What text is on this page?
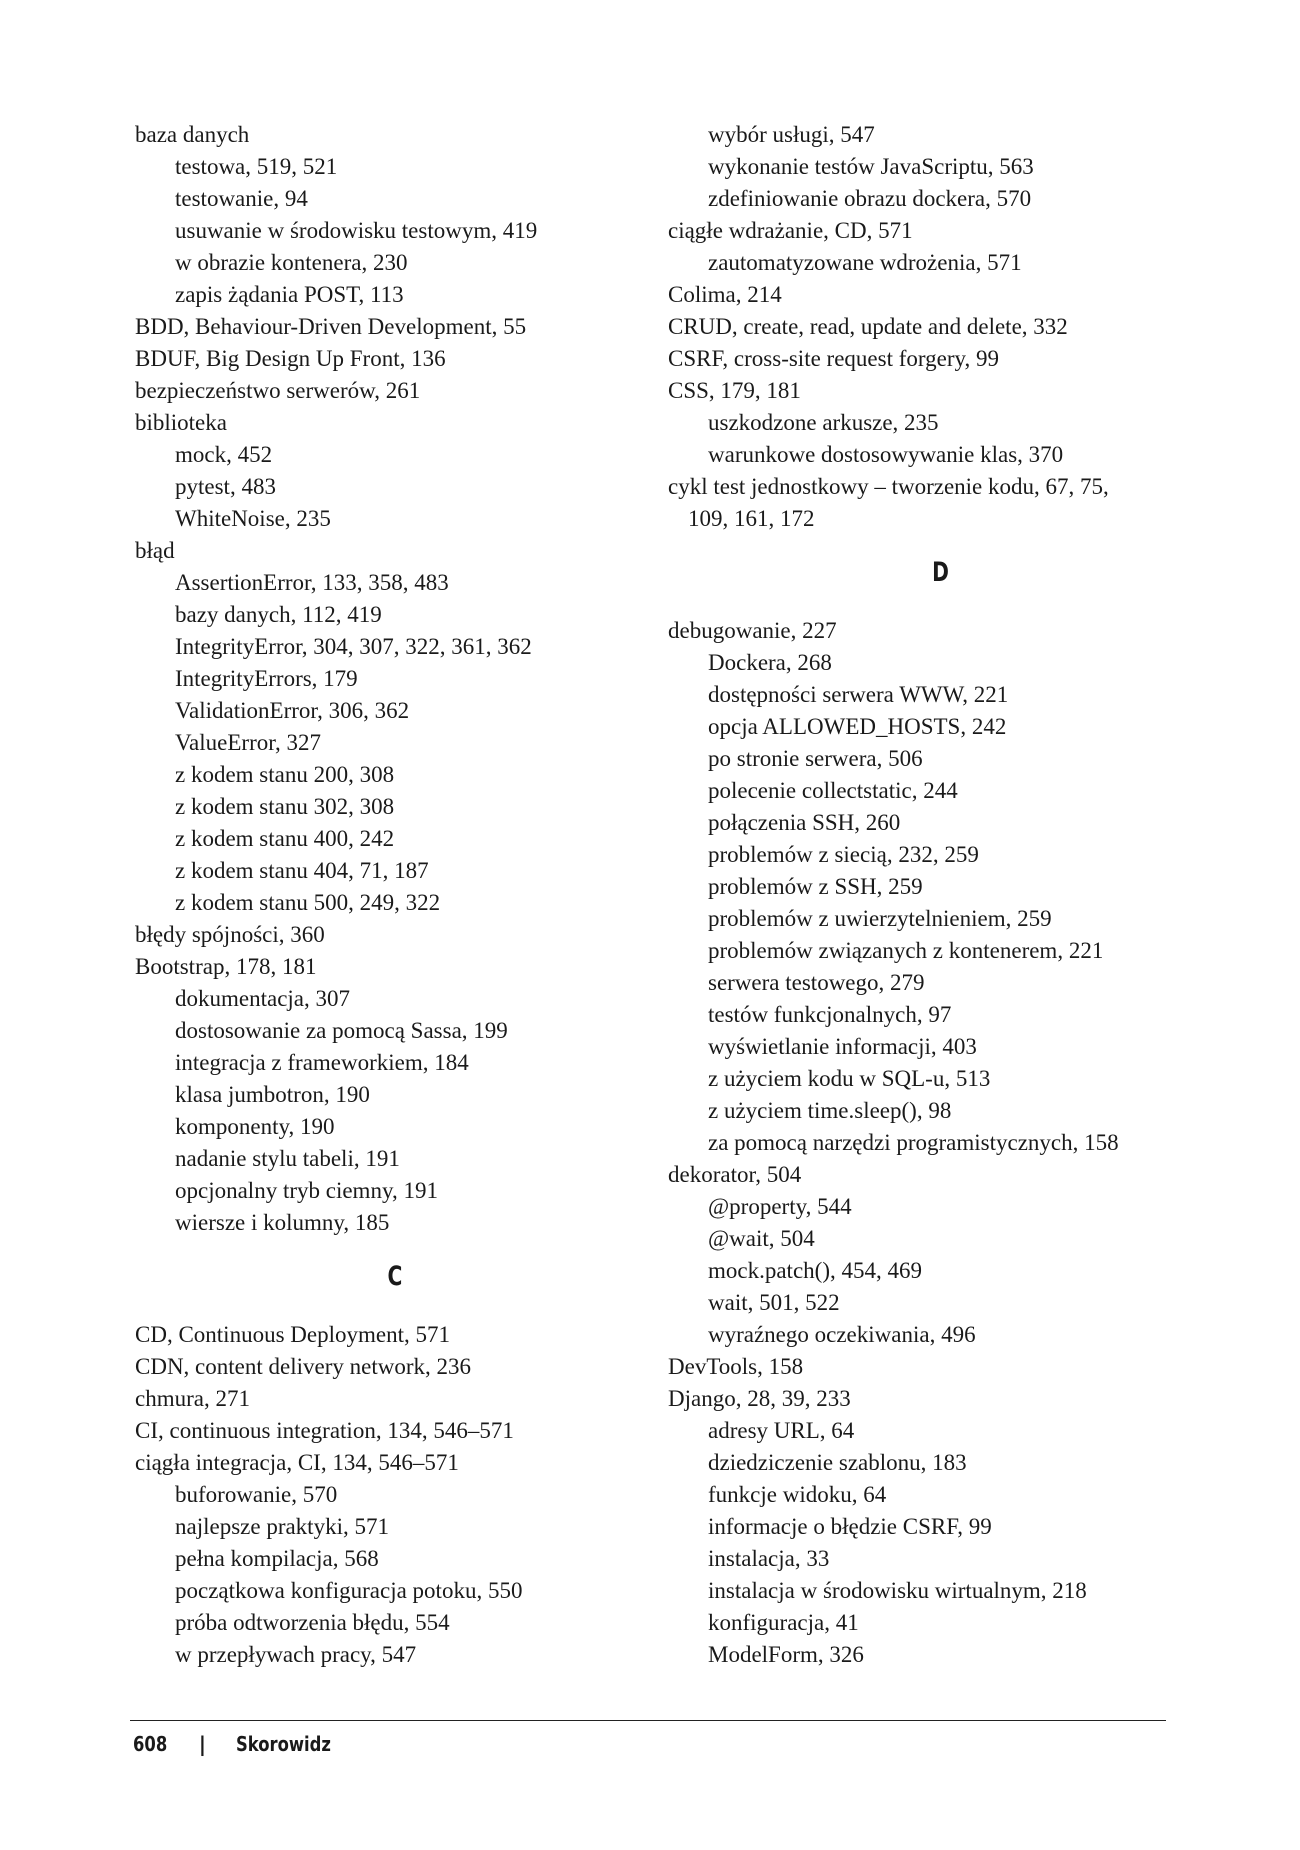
baza danych
testowa, 519, 521
testowanie, 94
usuwanie w środowisku testowym, 419
w obrazie kontenera, 230
zapis żądania POST, 113
BDD, Behaviour-Driven Development, 55
BDUF, Big Design Up Front, 136
bezpieczeństwo serwerów, 261
biblioteka
mock, 452
pytest, 483
WhiteNoise, 235
błąd
AssertionError, 133, 358, 483
bazy danych, 112, 419
IntegrityError, 304, 307, 322, 361, 362
IntegrityErrors, 179
ValidationError, 306, 362
ValueError, 327
z kodem stanu 200, 308
z kodem stanu 302, 308
z kodem stanu 400, 242
z kodem stanu 404, 71, 187
z kodem stanu 500, 249, 322
błędy spójności, 360
Bootstrap, 178, 181
dokumentacja, 307
dostosowanie za pomocą Sassa, 199
integracja z frameworkiem, 184
klasa jumbotron, 190
komponenty, 190
nadanie stylu tabeli, 191
opcjonalny tryb ciemny, 191
wiersze i kolumny, 185
C
CD, Continuous Deployment, 571
CDN, content delivery network, 236
chmura, 271
CI, continuous integration, 134, 546–571
ciągła integracja, CI, 134, 546–571
buforowanie, 570
najlepsze praktyki, 571
pełna kompilacja, 568
początkowa konfiguracja potoku, 550
próba odtworzenia błędu, 554
w przepływach pracy, 547
wybór usługi, 547
wykonanie testów JavaScriptu, 563
zdefiniowanie obrazu dockera, 570
ciągłe wdrażanie, CD, 571
zautomatyzowane wdrożenia, 571
Colima, 214
CRUD, create, read, update and delete, 332
CSRF, cross-site request forgery, 99
CSS, 179, 181
uszkodzone arkusze, 235
warunkowe dostosowywanie klas, 370
cykl test jednostkowy – tworzenie kodu, 67, 75,
109, 161, 172
D
debugowanie, 227
Dockera, 268
dostępności serwera WWW, 221
opcja ALLOWED_HOSTS, 242
po stronie serwera, 506
polecenie collectstatic, 244
połączenia SSH, 260
problemów z siecią, 232, 259
problemów z SSH, 259
problemów z uwierzytelnieniem, 259
problemów związanych z kontenerem, 221
serwera testowego, 279
testów funkcjonalnych, 97
wyświetlanie informacji, 403
z użyciem kodu w SQL-u, 513
z użyciem time.sleep(), 98
za pomocą narzędzi programistycznych, 158
dekorator, 504
@property, 544
@wait, 504
mock.patch(), 454, 469
wait, 501, 522
wyraźnego oczekiwania, 496
DevTools, 158
Django, 28, 39, 233
adresy URL, 64
dziedziczenie szablonu, 183
funkcje widoku, 64
informacje o błędzie CSRF, 99
instalacja, 33
instalacja w środowisku wirtualnym, 218
konfiguracja, 41
ModelForm, 326
608 | Skorowidz
